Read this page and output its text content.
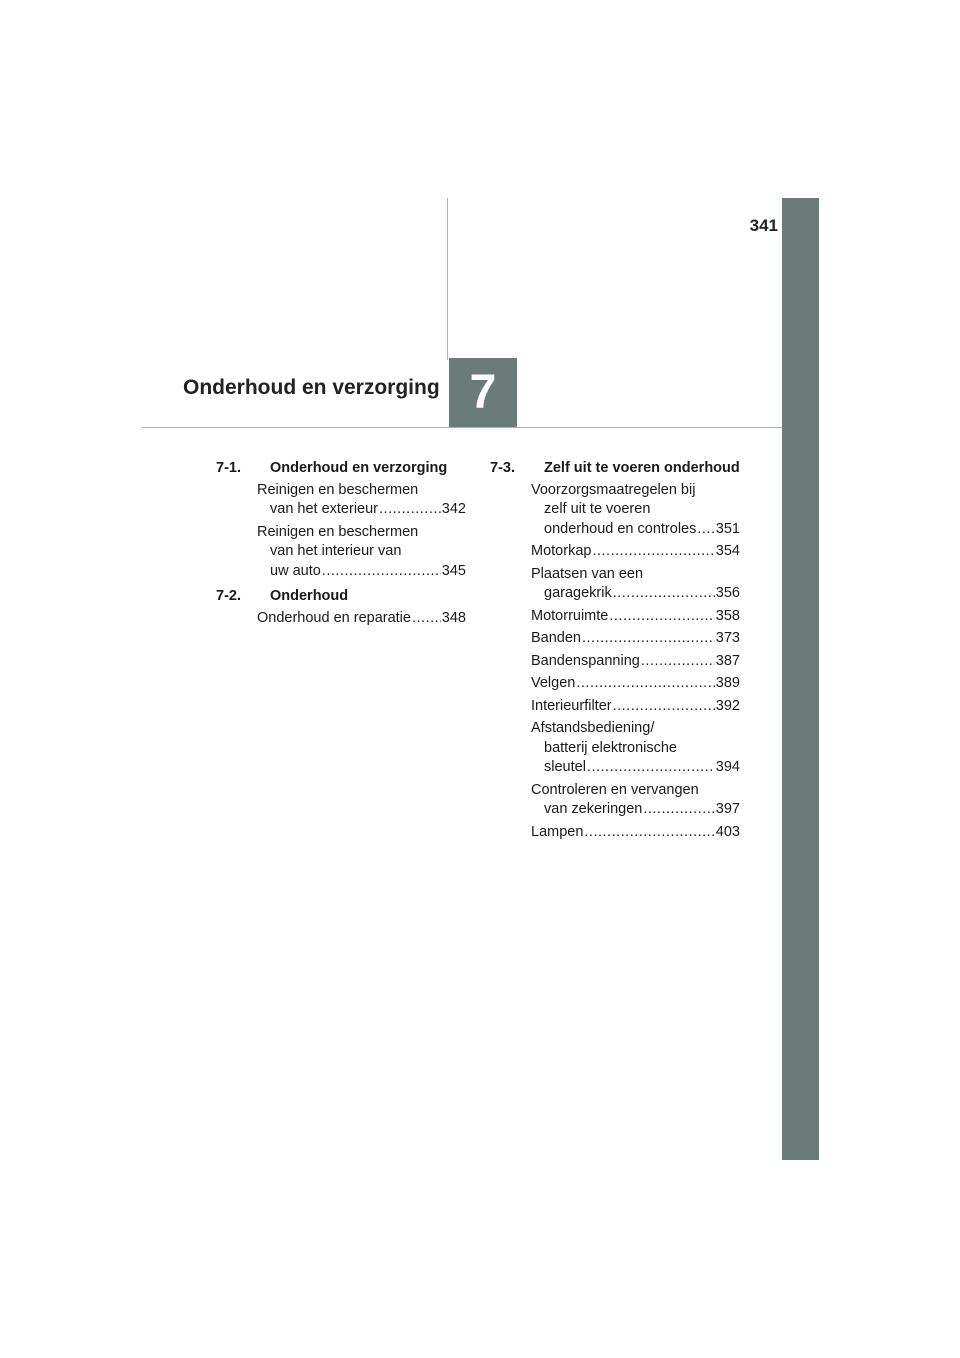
341
7
Onderhoud en verzorging
7-1.	Onderhoud en verzorging
Reinigen en beschermen
van het exterieur .....	342
Reinigen en beschermen
van het interieur van
uw auto .....	345
7-2.	Onderhoud
Onderhoud en reparatie ..... 348
7-3.	Zelf uit te voeren onderhoud
Voorzorgsmaatregelen bij
zelf uit te voeren
onderhoud en controles ..... 351
Motorkap .....	354
Plaatsen van een
garagekrik .....	356
Motorruimte .....	358
Banden .....	373
Bandenspanning .....	387
Velgen .....	389
Interieurfilter .....	392
Afstandsbediening/
batterij elektronische
sleutel .....	394
Controleren en vervangen
van zekeringen .....	397
Lampen .....	403
